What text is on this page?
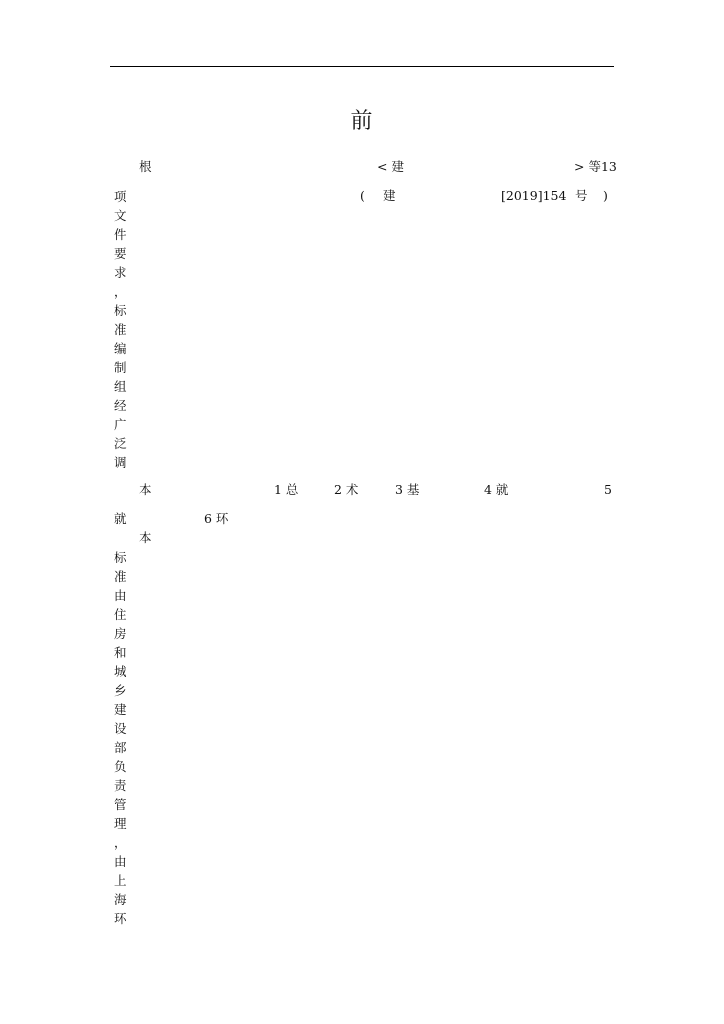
前
根	< 建	> 等13
( 建	[2019]154 号 )
项
文
件
要
求
，
标
准
编
制
组
经
广
泛
调
本	1 总	2 术	3 基	4 就	5
就	6 环
本
标
准
由
住
房
和
城
乡
建
设
部
负
责
管
理
，
由
上
海
环
